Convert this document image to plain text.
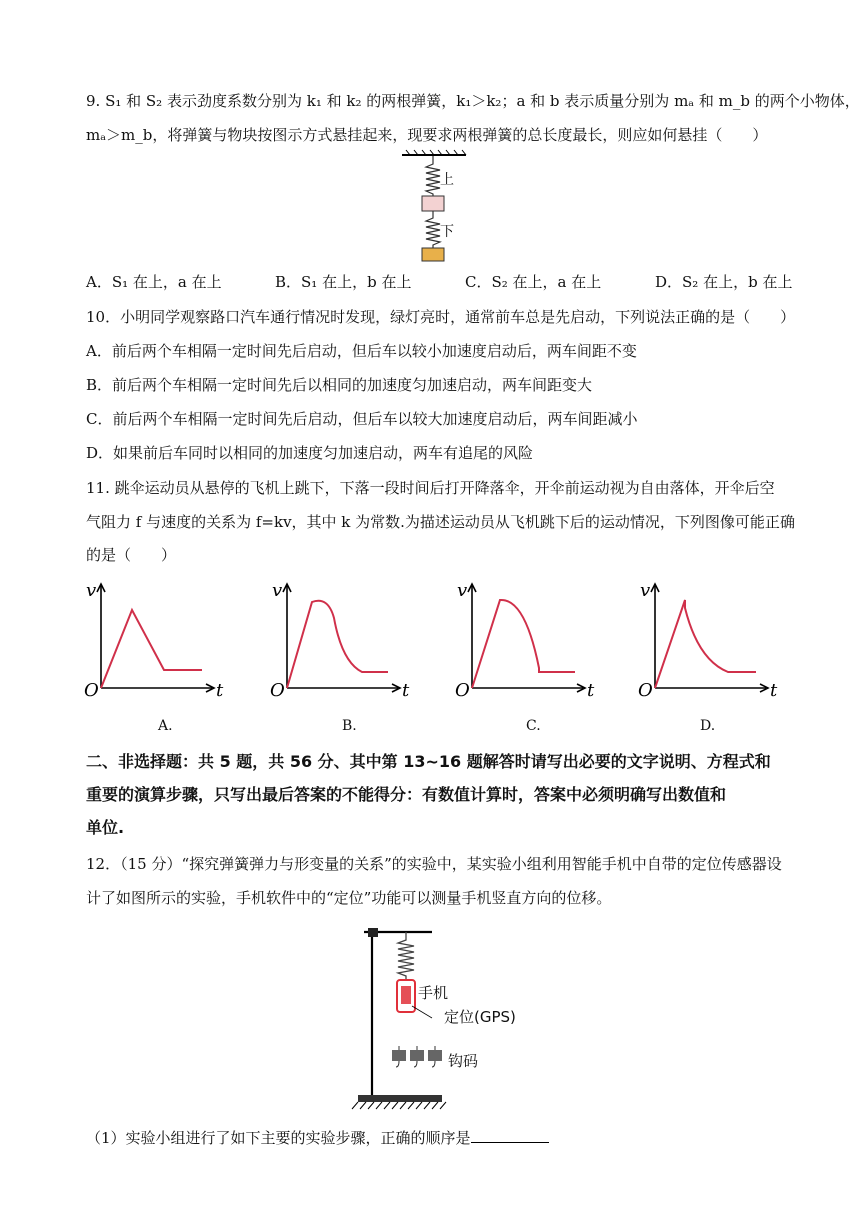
9. S₁ 和 S₂ 表示劲度系数分别为 k₁ 和 k₂ 的两根弹簧，k₁＞k₂；a 和 b 表示质量分别为 mₐ 和 m_b 的两个小物体，
mₐ＞m_b，将弹簧与物块按图示方式悬挂起来，现要求两根弹簧的总长度最长，则应如何悬挂（　　）
上
下
A．S₁ 在上，a 在上	B．S₁ 在上，b 在上	C．S₂ 在上，a 在上	D．S₂ 在上，b 在上
10．小明同学观察路口汽车通行情况时发现，绿灯亮时，通常前车总是先启动，下列说法正确的是（　　）
A．前后两个车相隔一定时间先后启动，但后车以较小加速度启动后，两车间距不变
B．前后两个车相隔一定时间先后以相同的加速度匀加速启动，两车间距变大
C．前后两个车相隔一定时间先后启动，但后车以较大加速度启动后，两车间距减小
D．如果前后车同时以相同的加速度匀加速启动，两车有追尾的风险
11. 跳伞运动员从悬停的飞机上跳下，下落一段时间后打开降落伞，开伞前运动视为自由落体，开伞后空
气阻力 f 与速度的关系为 f=kv，其中 k 为常数.为描述运动员从飞机跳下后的运动情况，下列图像可能正确
的是（　　）
v
O	t
A.
v
O	t
B.
v
O	t
C.
v
O	t
D.
二、非选择题：共 5 题，共 56 分、其中第 13~16 题解答时请写出必要的文字说明、方程式和
重要的演算步骤，只写出最后答案的不能得分：有数值计算时，答案中必须明确写出数值和
单位.
12．（15 分）“探究弹簧弹力与形变量的关系”的实验中，某实验小组利用智能手机中自带的定位传感器设
计了如图所示的实验，手机软件中的“定位”功能可以测量手机竖直方向的位移。
手机
定位(GPS)
钩码
（1）实验小组进行了如下主要的实验步骤，正确的顺序是
